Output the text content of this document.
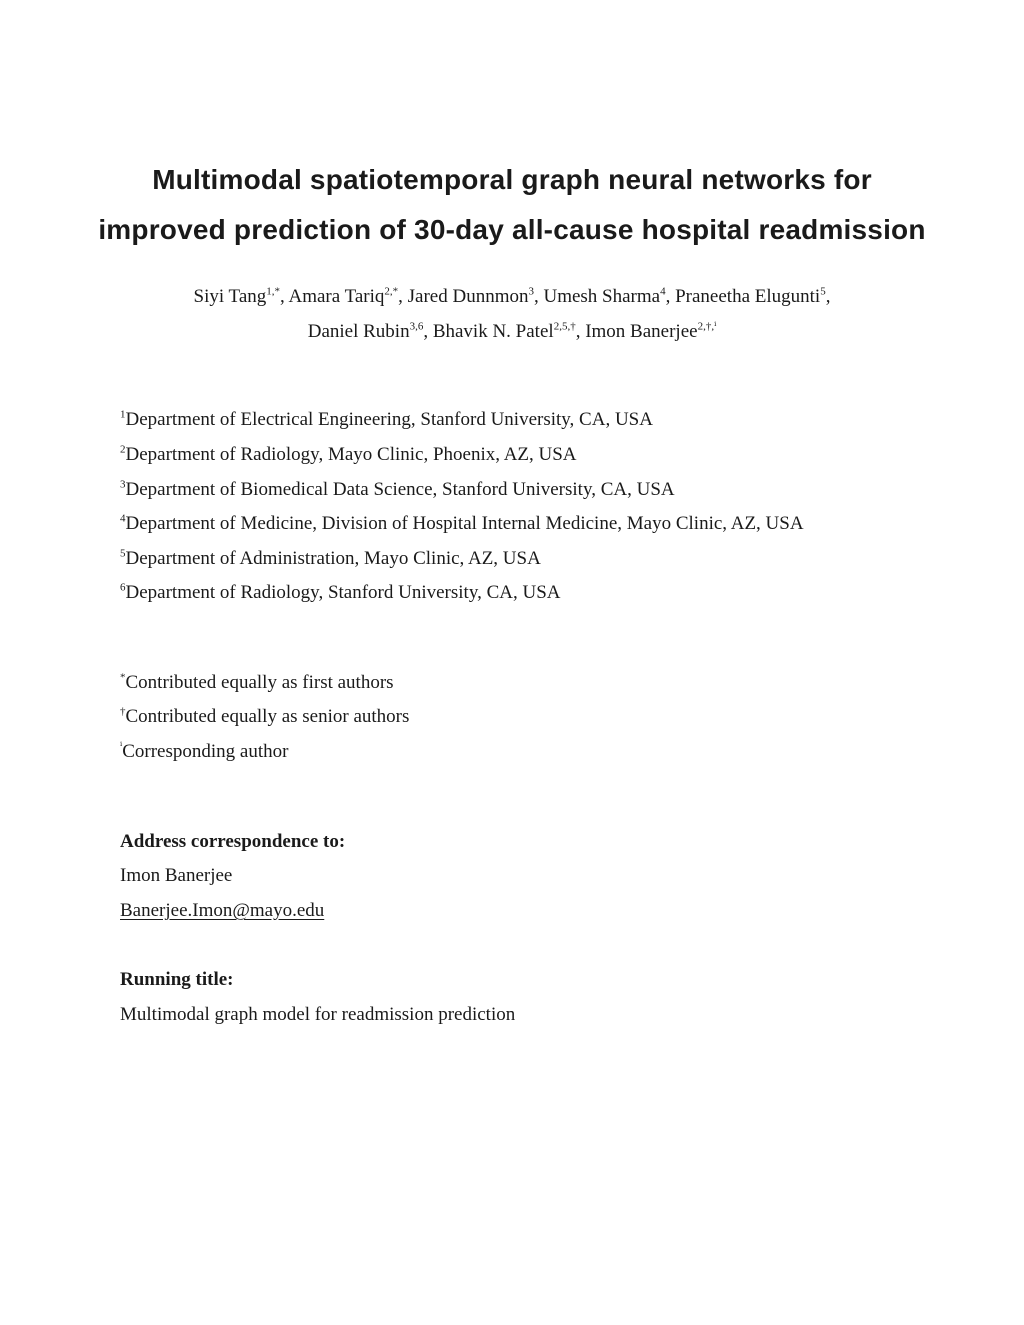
Multimodal spatiotemporal graph neural networks for
improved prediction of 30-day all-cause hospital readmission
Siyi Tang$^{1,*}$, Amara Tariq$^{2,*}$, Jared Dunnmon$^3$, Umesh Sharma$^4$, Praneetha Elugunti$^5$,
Daniel Rubin$^{3,6}$, Bhavik N. Patel$^{2,5,\dagger}$, Imon Banerjee$^{2,\dagger,^i}$
$^1$Department of Electrical Engineering, Stanford University, CA, USA
$^2$Department of Radiology, Mayo Clinic, Phoenix, AZ, USA
$^3$Department of Biomedical Data Science, Stanford University, CA, USA
$^4$Department of Medicine, Division of Hospital Internal Medicine, Mayo Clinic, AZ, USA
$^5$Department of Administration, Mayo Clinic, AZ, USA
$^6$Department of Radiology, Stanford University, CA, USA
*Contributed equally as first authors
†Contributed equally as senior authors
$^{^i}$Corresponding author
Address correspondence to:
Imon Banerjee
Banerjee.Imon@mayo.edu
Running title:
Multimodal graph model for readmission prediction
